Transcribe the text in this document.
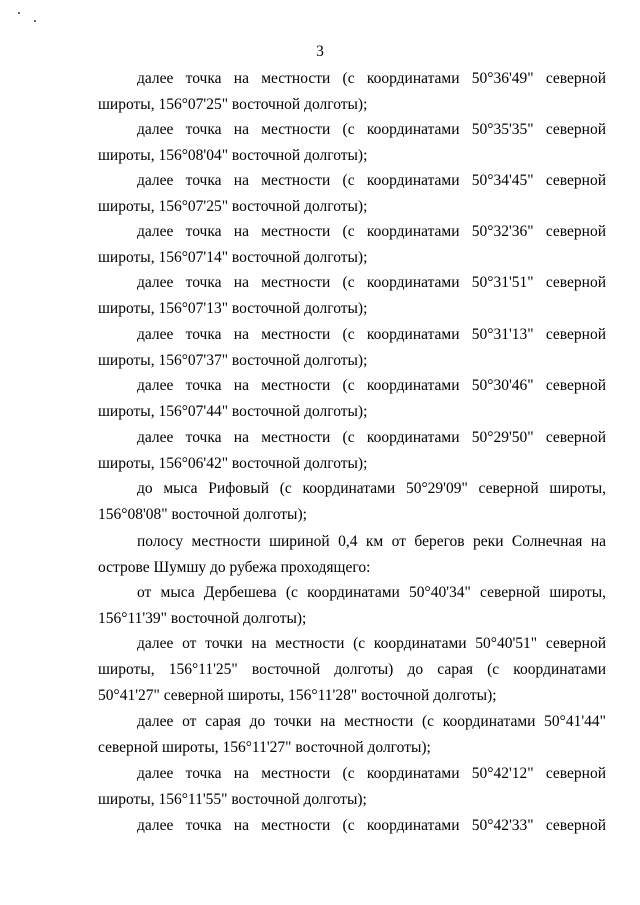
3
далее точка на местности (с координатами 50°36'49" северной
широты, 156°07'25" восточной долготы);
далее точка на местности (с координатами 50°35'35" северной
широты, 156°08'04" восточной долготы);
далее точка на местности (с координатами 50°34'45" северной
широты, 156°07'25" восточной долготы);
далее точка на местности (с координатами 50°32'36" северной
широты, 156°07'14" восточной долготы);
далее точка на местности (с координатами 50°31'51" северной
широты, 156°07'13" восточной долготы);
далее точка на местности (с координатами 50°31'13" северной
широты, 156°07'37" восточной долготы);
далее точка на местности (с координатами 50°30'46" северной
широты, 156°07'44" восточной долготы);
далее точка на местности (с координатами 50°29'50" северной
широты, 156°06'42" восточной долготы);
до мыса Рифовый (с координатами 50°29'09" северной широты,
156°08'08" восточной долготы);
полосу местности шириной 0,4 км от берегов реки Солнечная на
острове Шумшу до рубежа проходящего:
от мыса Дербешева (с координатами 50°40'34" северной широты,
156°11'39" восточной долготы);
далее от точки на местности (с координатами 50°40'51" северной
широты, 156°11'25" восточной долготы) до сарая (с координатами
50°41'27" северной широты, 156°11'28" восточной долготы);
далее от сарая до точки на местности (с координатами 50°41'44"
северной широты, 156°11'27" восточной долготы);
далее точка на местности (с координатами 50°42'12" северной
широты, 156°11'55" восточной долготы);
далее точка на местности (с координатами 50°42'33" северной
